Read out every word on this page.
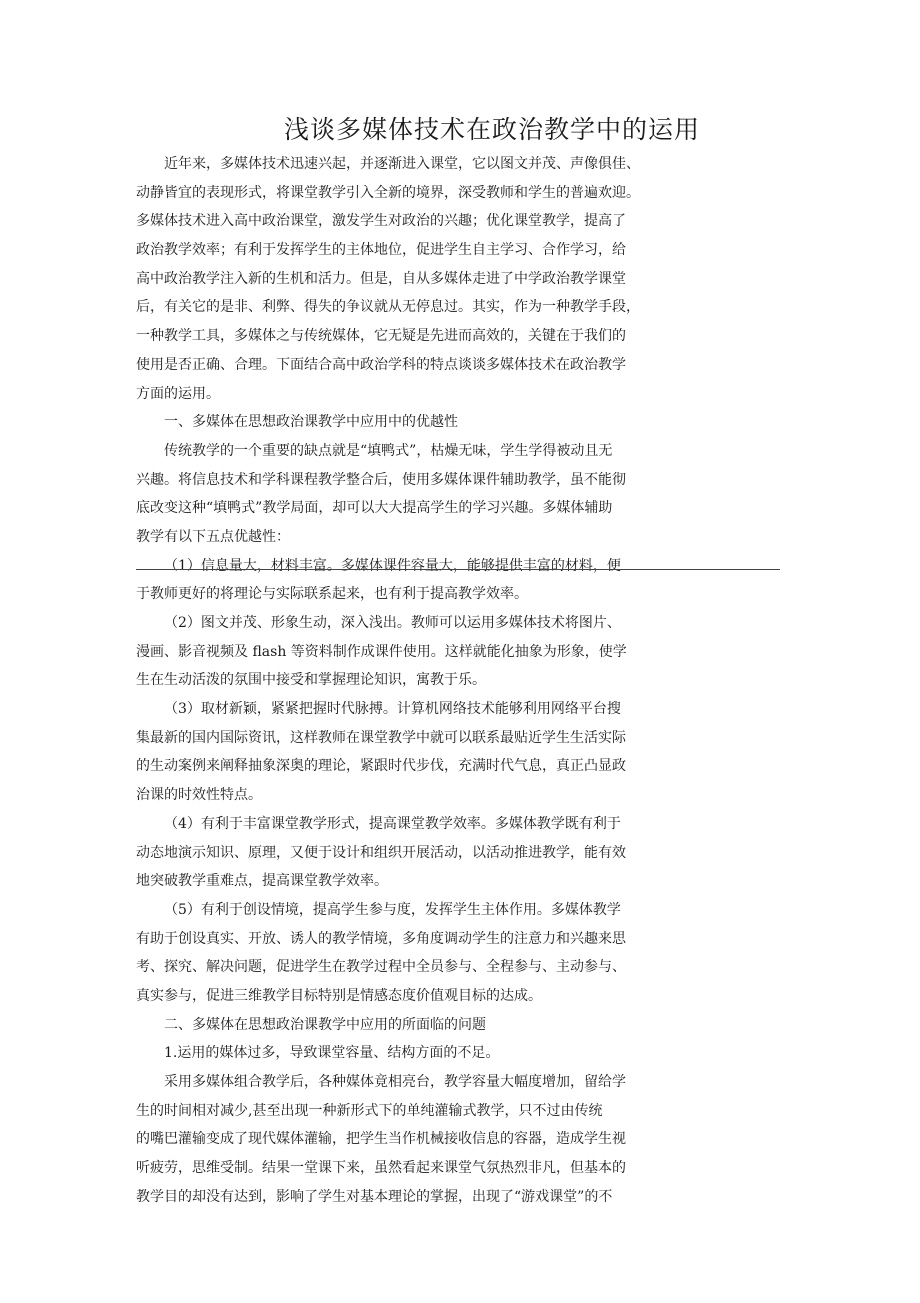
浅谈多媒体技术在政治教学中的运用
近年来，多媒体技术迅速兴起，并逐渐进入课堂，它以图文并茂、声像俱佳、
动静皆宜的表现形式，将课堂教学引入全新的境界，深受教师和学生的普遍欢迎。
多媒体技术进入高中政治课堂，激发学生对政治的兴趣；优化课堂教学，提高了
政治教学效率；有利于发挥学生的主体地位，促进学生自主学习、合作学习，给
高中政治教学注入新的生机和活力。但是，自从多媒体走进了中学政治教学课堂
后，有关它的是非、利弊、得失的争议就从无停息过。其实，作为一种教学手段，
一种教学工具，多媒体之与传统媒体，它无疑是先进而高效的，关键在于我们的
使用是否正确、合理。下面结合高中政治学科的特点谈谈多媒体技术在政治教学
方面的运用。
一、多媒体在思想政治课教学中应用中的优越性
传统教学的一个重要的缺点就是“填鸭式”，枯燥无味，学生学得被动且无
兴趣。将信息技术和学科课程教学整合后，使用多媒体课件辅助教学，虽不能彻
底改变这种“填鸭式”教学局面，却可以大大提高学生的学习兴趣。多媒体辅助
教学有以下五点优越性：
（1）信息量大，材料丰富。多媒体课件容量大，能够提供丰富的材料，便
于教师更好的将理论与实际联系起来，也有利于提高教学效率。
（2）图文并茂、形象生动，深入浅出。教师可以运用多媒体技术将图片、
漫画、影音视频及 flash 等资料制作成课件使用。这样就能化抽象为形象，使学
生在生动活泼的氛围中接受和掌握理论知识，寓教于乐。
（3）取材新颖，紧紧把握时代脉搏。计算机网络技术能够利用网络平台搜
集最新的国内国际资讯，这样教师在课堂教学中就可以联系最贴近学生生活实际
的生动案例来阐释抽象深奥的理论，紧跟时代步伐，充满时代气息，真正凸显政
治课的时效性特点。
（4）有利于丰富课堂教学形式，提高课堂教学效率。多媒体教学既有利于
动态地演示知识、原理，又便于设计和组织开展活动，以活动推进教学，能有效
地突破教学重难点，提高课堂教学效率。
（5）有利于创设情境，提高学生参与度，发挥学生主体作用。多媒体教学
有助于创设真实、开放、诱人的教学情境，多角度调动学生的注意力和兴趣来思
考、探究、解决问题，促进学生在教学过程中全员参与、全程参与、主动参与、
真实参与，促进三维教学目标特别是情感态度价值观目标的达成。
二、多媒体在思想政治课教学中应用的所面临的问题
1.运用的媒体过多，导致课堂容量、结构方面的不足。
采用多媒体组合教学后，各种媒体竟相亮台，教学容量大幅度增加，留给学
生的时间相对减少,甚至出现一种新形式下的单纯灌输式教学，只不过由传统
的嘴巴灌输变成了现代媒体灌输，把学生当作机械接收信息的容器，造成学生视
听疲劳，思维受制。结果一堂课下来，虽然看起来课堂气氛热烈非凡，但基本的
教学目的却没有达到，影响了学生对基本理论的掌握，出现了“游戏课堂”的不
